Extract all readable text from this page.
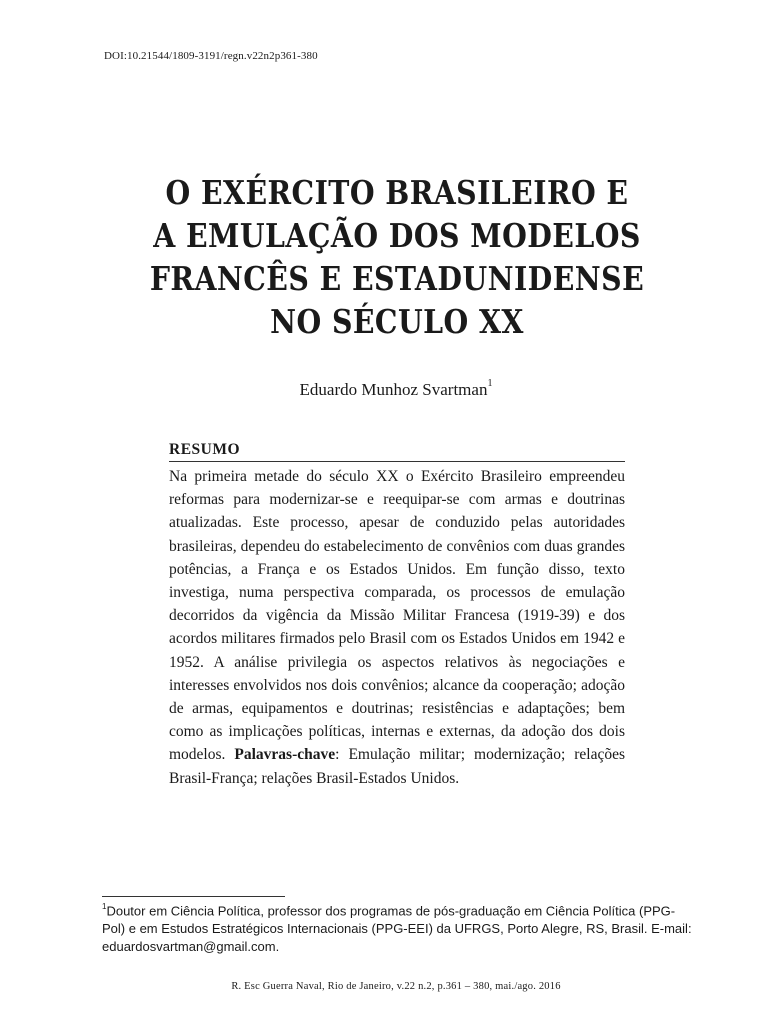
DOI:10.21544/1809-3191/regn.v22n2p361-380
O EXÉRCITO BRASILEIRO E
A EMULAÇÃO DOS MODELOS
FRANCÊS E ESTADUNIDENSE
NO SÉCULO XX
Eduardo Munhoz Svartman$^1$
RESUMO

Na primeira metade do século XX o Exército Brasileiro empreendeu reformas para modernizar-se e reequipar-se com armas e doutrinas atualizadas. Este processo, apesar de conduzido pelas autoridades brasileiras, dependeu do estabelecimento de convênios com duas grandes potências, a França e os Estados Unidos. Em função disso, texto investiga, numa perspectiva comparada, os processos de emulação decorridos da vigência da Missão Militar Francesa (1919-39) e dos acordos militares firmados pelo Brasil com os Estados Unidos em 1942 e 1952. A análise privilegia os aspectos relativos às negociações e interesses envolvidos nos dois convênios; alcance da cooperação; adoção de armas, equipamentos e doutrinas; resistências e adaptações; bem como as implicações políticas, internas e externas, da adoção dos dois modelos. Palavras-chave: Emulação militar; modernização; relações Brasil-França; relações Brasil-Estados Unidos.

$^1$Doutor em Ciência Política, professor dos programas de pós-graduação em Ciência Política (PPG-Pol) e em Estudos Estratégicos Internacionais (PPG-EEI) da UFRGS, Porto Alegre, RS, Brasil. E-mail: eduardosvartman@gmail.com.
R. Esc Guerra Naval, Rio de Janeiro, v.22 n.2, p.361 – 380, mai./ago. 2016
